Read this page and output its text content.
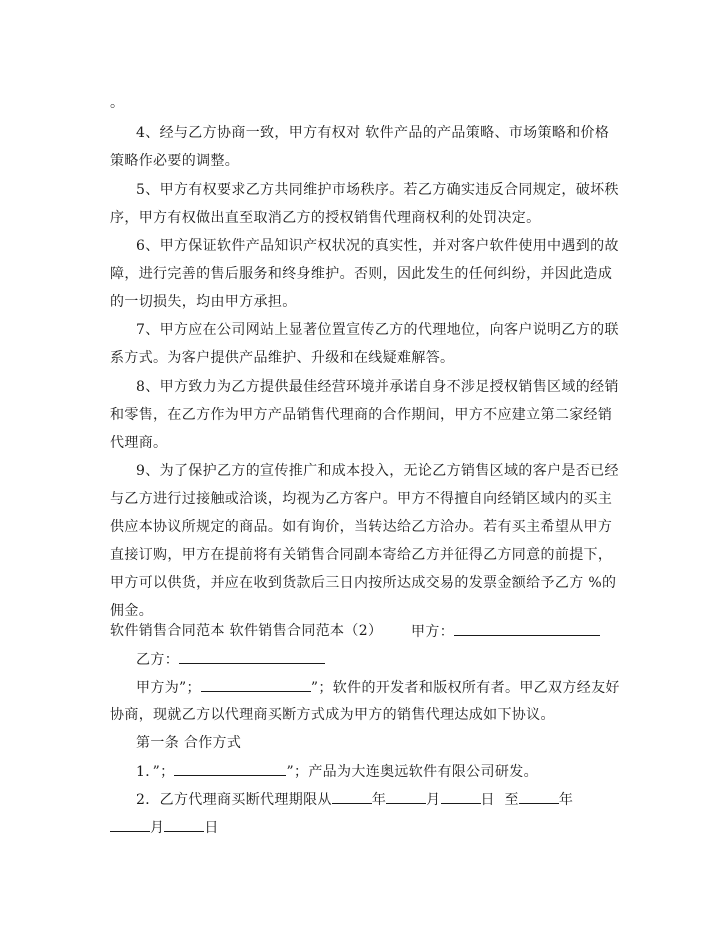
。
4、经与乙方协商一致，甲方有权对 软件产品的产品策略、市场策略和价格
策略作必要的调整。
5、甲方有权要求乙方共同维护市场秩序。若乙方确实违反合同规定，破坏秩
序，甲方有权做出直至取消乙方的授权销售代理商权利的处罚决定。
6、甲方保证软件产品知识产权状况的真实性，并对客户软件使用中遇到的故
障，进行完善的售后服务和终身维护。否则，因此发生的任何纠纷，并因此造成
的一切损失，均由甲方承担。
7、甲方应在公司网站上显著位置宣传乙方的代理地位，向客户说明乙方的联
系方式。为客户提供产品维护、升级和在线疑难解答。
8、甲方致力为乙方提供最佳经营环境并承诺自身不涉足授权销售区域的经销
和零售，在乙方作为甲方产品销售代理商的合作期间，甲方不应建立第二家经销
代理商。
9、为了保护乙方的宣传推广和成本投入，无论乙方销售区域的客户是否已经
与乙方进行过接触或洽谈，均视为乙方客户。甲方不得擅自向经销区域内的买主
供应本协议所规定的商品。如有询价，当转达给乙方洽办。若有买主希望从甲方
直接订购，甲方在提前将有关销售合同副本寄给乙方并征得乙方同意的前提下，
甲方可以供货，并应在收到货款后三日内按所达成交易的发票金额给予乙方 %的
佣金。
软件销售合同范本 软件销售合同范本（2） 甲方：
乙方：
甲方为”；	”；软件的开发者和版权所有者。甲乙双方经友好
协商，现就乙方以代理商买断方式成为甲方的销售代理达成如下协议。
第一条 合作方式
1．”；	”；产品为大连奥远软件有限公司研发。
2．乙方代理商买断代理期限从	年	月	日 至	年
月	日
